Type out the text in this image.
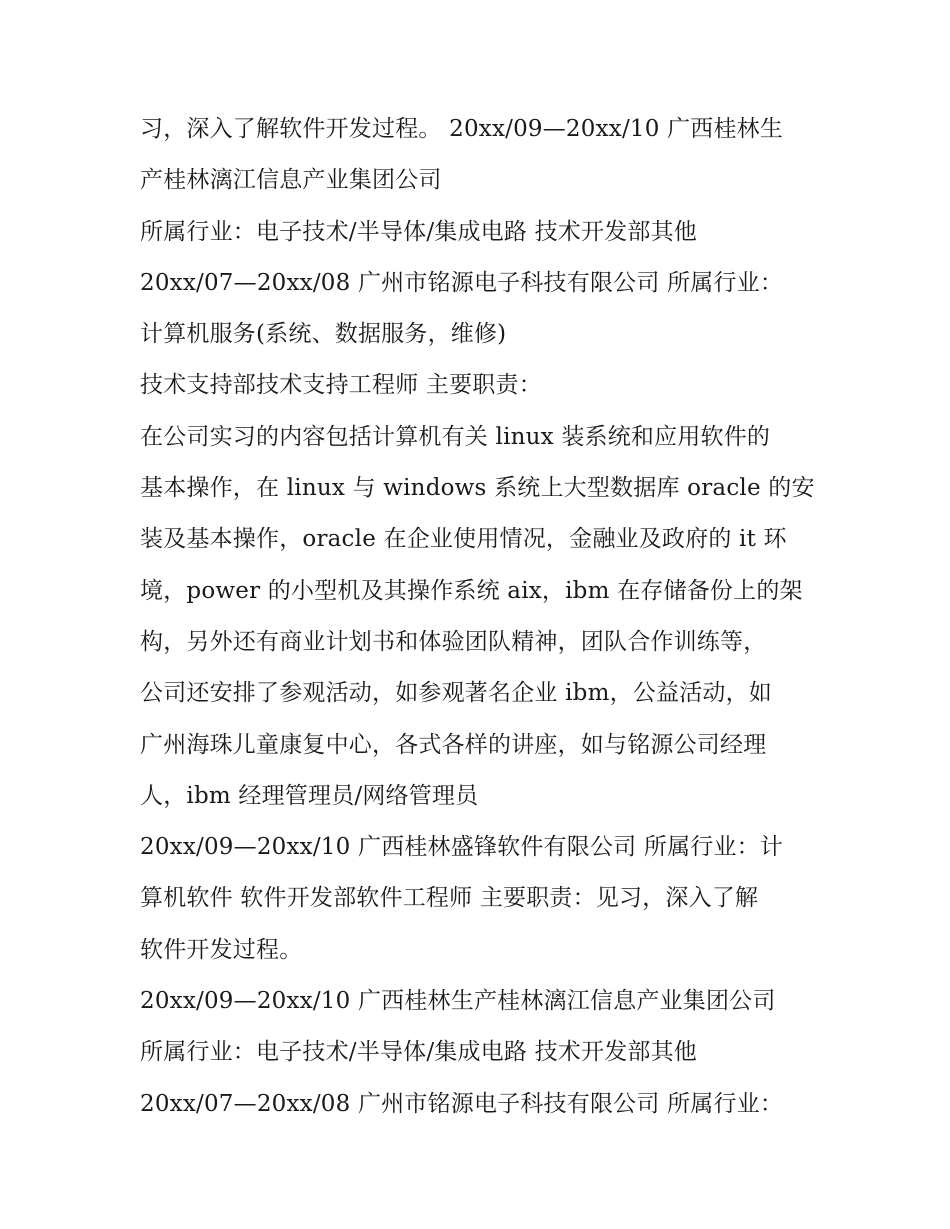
习，深入了解软件开发过程。 20xx/09—20xx/10 广西桂林生
产桂林漓江信息产业集团公司
所属行业：电子技术/半导体/集成电路 技术开发部其他
20xx/07—20xx/08 广州市铭源电子科技有限公司 所属行业：
计算机服务(系统、数据服务，维修)
技术支持部技术支持工程师 主要职责：
在公司实习的内容包括计算机有关 linux 装系统和应用软件的
基本操作，在 linux 与 windows 系统上大型数据库 oracle 的安
装及基本操作，oracle 在企业使用情况，金融业及政府的 it 环
境，power 的小型机及其操作系统 aix，ibm 在存储备份上的架
构，另外还有商业计划书和体验团队精神，团队合作训练等，
公司还安排了参观活动，如参观著名企业 ibm，公益活动，如
广州海珠儿童康复中心，各式各样的讲座，如与铭源公司经理
人，ibm 经理管理员/网络管理员
20xx/09—20xx/10 广西桂林盛锋软件有限公司 所属行业：计
算机软件 软件开发部软件工程师 主要职责：见习，深入了解
软件开发过程。
20xx/09—20xx/10 广西桂林生产桂林漓江信息产业集团公司
所属行业：电子技术/半导体/集成电路 技术开发部其他
20xx/07—20xx/08 广州市铭源电子科技有限公司 所属行业：
